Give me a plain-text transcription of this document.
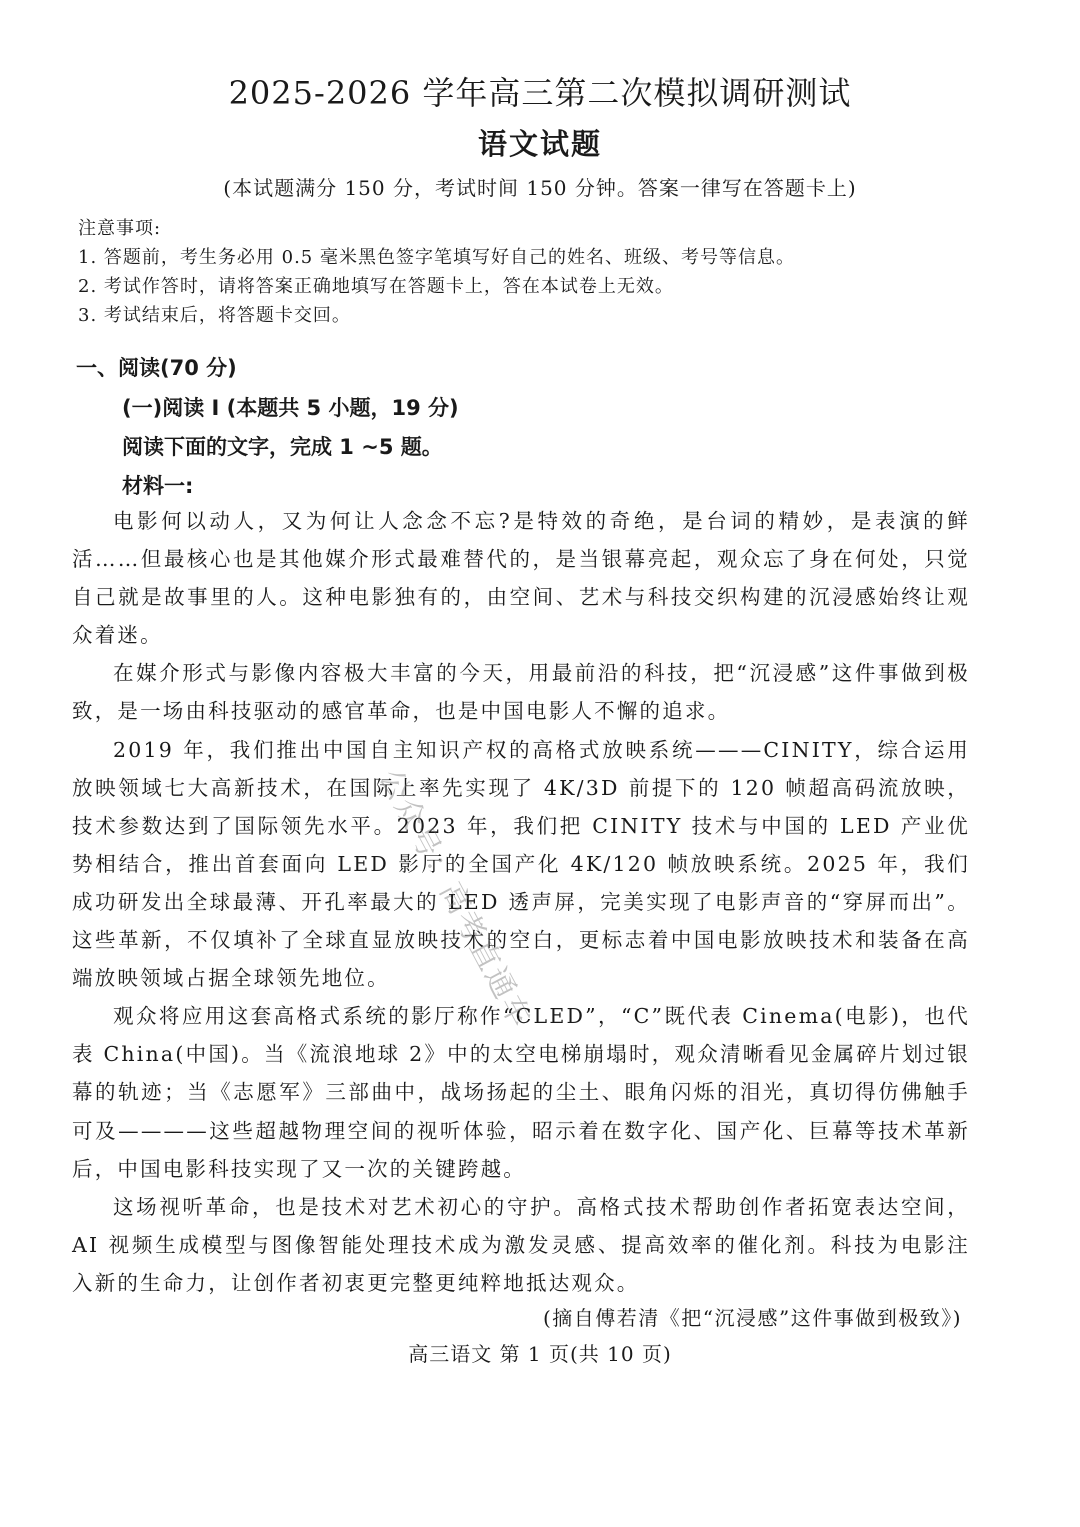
2025-2026 学年高三第二次模拟调研测试
语文试题
(本试题满分 150 分，考试时间 150 分钟。答案一律写在答题卡上)
注意事项:
1. 答题前，考生务必用 0.5 毫米黑色签字笔填写好自己的姓名、班级、考号等信息。
2. 考试作答时，请将答案正确地填写在答题卡上，答在本试卷上无效。
3. 考试结束后，将答题卡交回。
一、阅读(70 分)
(一)阅读 I (本题共 5 小题，19 分)
阅读下面的文字，完成 1 ~5 题。
材料一:

电影何以动人，又为何让人念念不忘?是特效的奇绝，是台词的精妙，是表演的鲜活……但最核心也是其他媒介形式最难替代的，是当银幕亮起，观众忘了身在何处，只觉自己就是故事里的人。这种电影独有的，由空间、艺术与科技交织构建的沉浸感始终让观众着迷。

在媒介形式与影像内容极大丰富的今天，用最前沿的科技，把“沉浸感”这件事做到极致，是一场由科技驱动的感官革命，也是中国电影人不懈的追求。

2019 年，我们推出中国自主知识产权的高格式放映系统———CINITY，综合运用放映领域七大高新技术，在国际上率先实现了 4K/3D 前提下的 120 帧超高码流放映，技术参数达到了国际领先水平。2023 年，我们把 CINITY 技术与中国的 LED 产业优势相结合，推出首套面向 LED 影厅的全国产化 4K/120 帧放映系统。2025 年，我们成功研发出全球最薄、开孔率最大的 LED 透声屏，完美实现了电影声音的“穿屏而出”。这些革新，不仅填补了全球直显放映技术的空白，更标志着中国电影放映技术和装备在高端放映领域占据全球领先地位。

观众将应用这套高格式系统的影厅称作“CLED”，“C”既代表 Cinema(电影)，也代表 China(中国)。当《流浪地球 2》中的太空电梯崩塌时，观众清晰看见金属碎片划过银幕的轨迹；当《志愿军》三部曲中，战场扬起的尘土、眼角闪烁的泪光，真切得仿佛触手可及————这些超越物理空间的视听体验，昭示着在数字化、国产化、巨幕等技术革新后，中国电影科技实现了又一次的关键跨越。

这场视听革命，也是技术对艺术初心的守护。高格式技术帮助创作者拓宽表达空间，AI 视频生成模型与图像智能处理技术成为激发灵感、提高效率的催化剂。科技为电影注入新的生命力，让创作者初衷更完整更纯粹地抵达观众。

(摘自傅若清《把“沉浸感”这件事做到极致》)
高三语文 第 1 页(共 10 页)
公众号：高考直通车
